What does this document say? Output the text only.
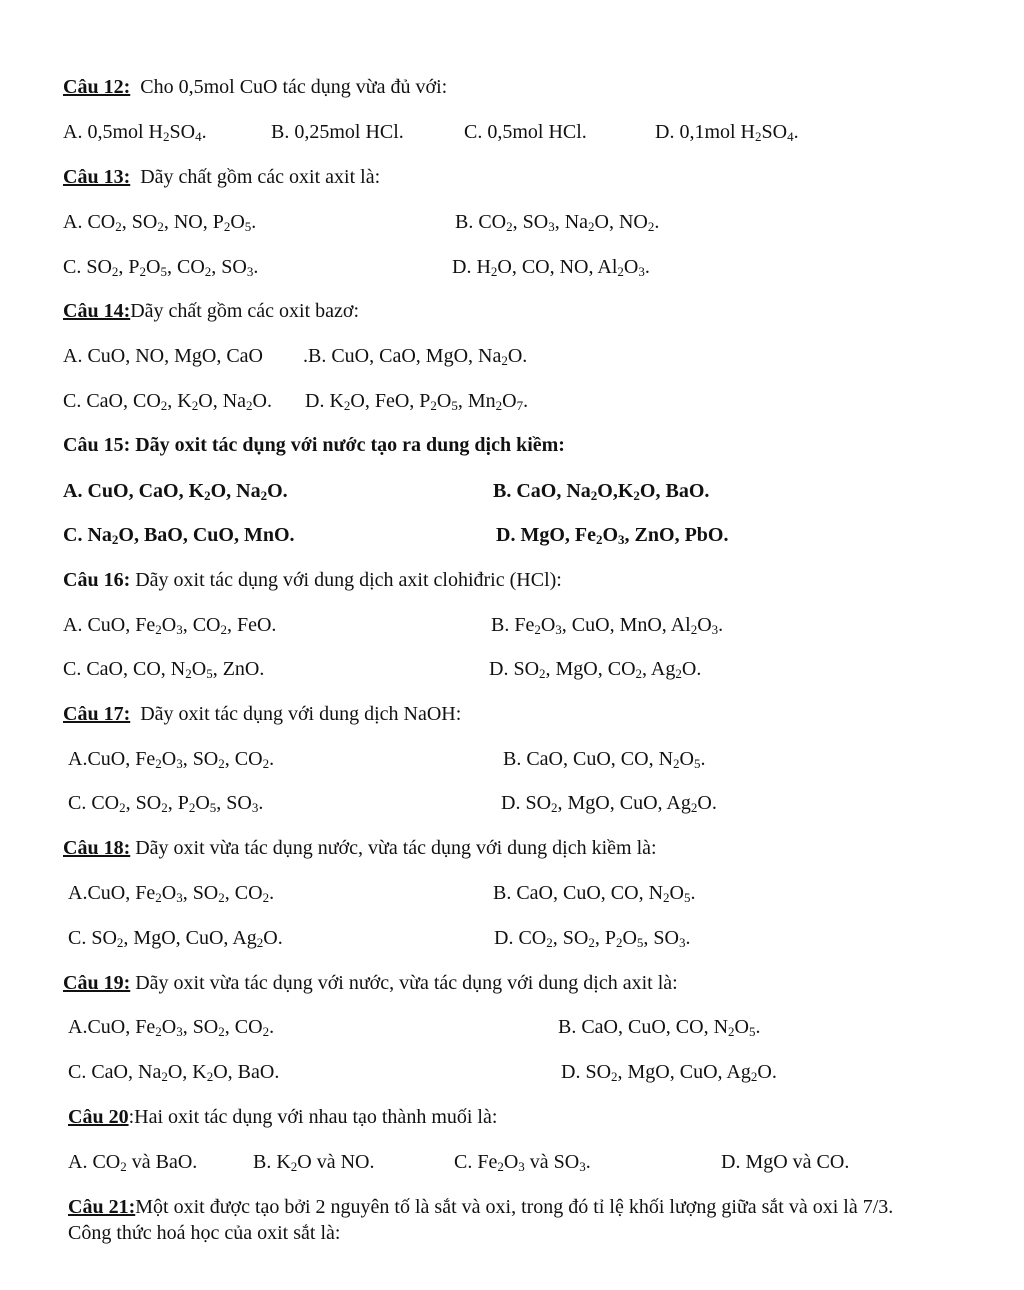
Câu 12: Cho 0,5mol CuO tác dụng vừa đủ với:
A. 0,5mol $H_2SO_4$.	B. 0,25mol HCl.	C. 0,5mol HCl.	D. 0,1mol $H_2SO_4$.
Câu 13: Dãy chất gồm các oxit axit là:
A. $CO_2$, $SO_2$, NO, $P_2O_5$.	B. $CO_2$, $SO_3$, $Na_2O$, $NO_2$.
C. $SO_2$, $P_2O_5$, $CO_2$, $SO_3$.	D. $H_2O$, CO, NO, $Al_2O_3$.
Câu 14:Dãy chất gồm các oxit bazơ:
A. CuO, NO, MgO, CaO .B. CuO, CaO, MgO, $Na_2O$.
C. CaO, $CO_2$, $K_2O$, $Na_2O$. D. $K_2O$, FeO, $P_2O_5$, $Mn_2O_7$.
Câu 15: Dãy oxit tác dụng với nước tạo ra dung dịch kiềm:
A. CuO, CaO, $K_2O$, $Na_2O$.	B. CaO, $Na_2O,K_2O$, BaO.
C. $Na_2O$, BaO, CuO, MnO.	D. MgO, $Fe_2O_3$, ZnO, PbO.
Câu 16: Dãy oxit tác dụng với dung dịch axit clohiđric (HCl):
A. CuO, $Fe_2O_3$, $CO_2$, FeO.	B. $Fe_2O_3$, CuO, MnO, $Al_2O_3$.
C. CaO, CO, $N_2O_5$, ZnO.	D. $SO_2$, MgO, $CO_2$, $Ag_2O$.
Câu 17: Dãy oxit tác dụng với dung dịch NaOH:
A.CuO, $Fe_2O_3$, $SO_2$, $CO_2$.	B. CaO, CuO, CO, $N_2O_5$.
C. $CO_2$, $SO_2$, $P_2O_5$, $SO_3$.	D. $SO_2$, MgO, CuO, $Ag_2O$.
Câu 18: Dãy oxit vừa tác dụng nước, vừa tác dụng với dung dịch kiềm là:
A.CuO, $Fe_2O_3$, $SO_2$, $CO_2$.	B. CaO, CuO, CO, $N_2O_5$.
C. $SO_2$, MgO, CuO, $Ag_2O$.	D. $CO_2$, $SO_2$, $P_2O_5$, $SO_3$.
Câu 19: Dãy oxit vừa tác dụng với nước, vừa tác dụng với dung dịch axit là:
A.CuO, $Fe_2O_3$, $SO_2$, $CO_2$.	B. CaO, CuO, CO, $N_2O_5$.
C. CaO, $Na_2O$, $K_2O$, BaO.	D. $SO_2$, MgO, CuO, $Ag_2O$.
Câu 20:Hai oxit tác dụng với nhau tạo thành muối là:
A. $CO_2$ và BaO.	B. $K_2O$ và NO.	C. $Fe_2O_3$ và $SO_3$.	D. MgO và CO.
Câu 21:Một oxit được tạo bởi 2 nguyên tố là sắt và oxi, trong đó tỉ lệ khối lượng giữa sắt và oxi là 7/3.
Công thức hoá học của oxit sắt là:
